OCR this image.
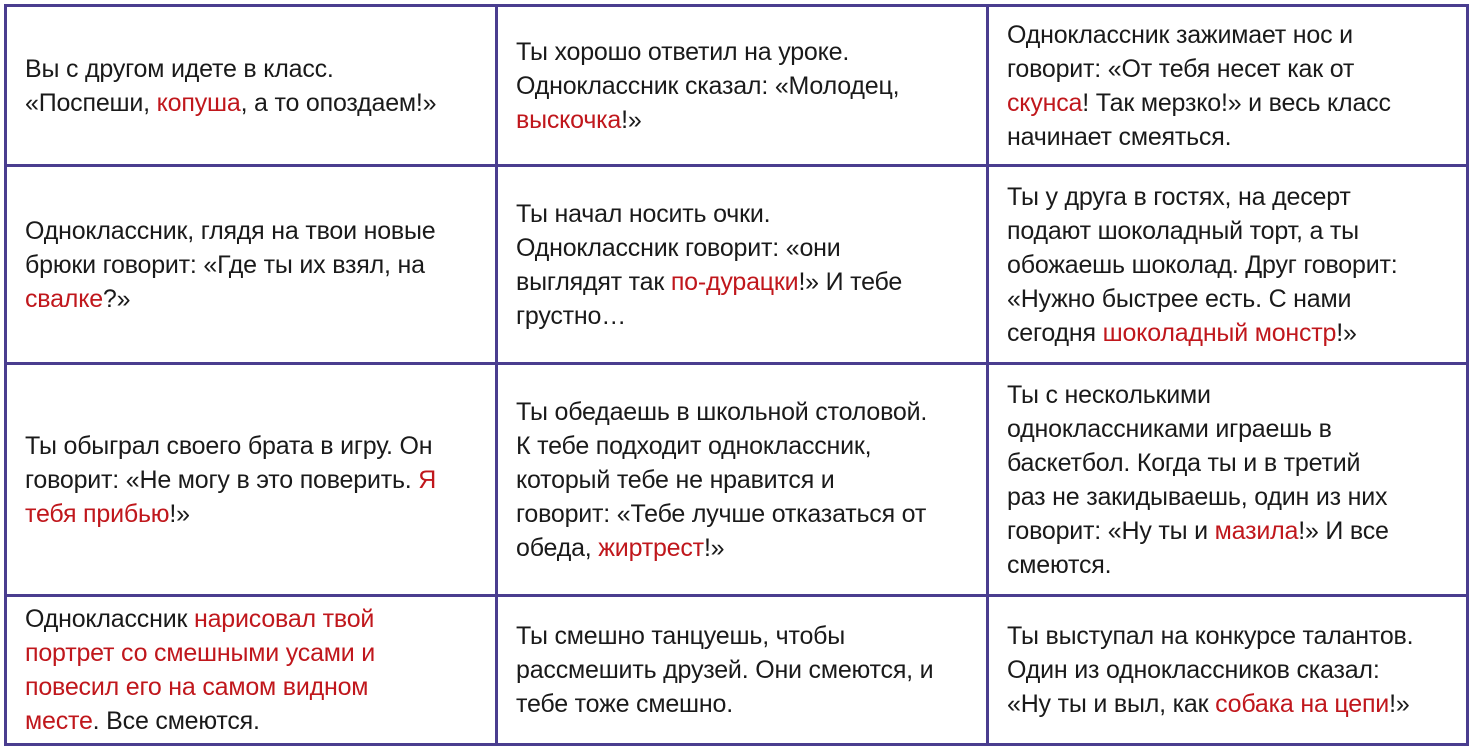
Вы с другом идете в класс.
«Поспеши, копуша, а то опоздаем!»
Ты хорошо ответил на уроке.
Одноклассник сказал: «Молодец,
выскочка!»
Одноклассник зажимает нос и
говорит: «От тебя несет как от
скунса! Так мерзко!» и весь класс
начинает смеяться.
Одноклассник, глядя на твои новые
брюки говорит: «Где ты их взял, на
свалке?»
Ты начал носить очки.
Одноклассник говорит: «они
выглядят так по-дурацки!» И тебе
грустно…
Ты у друга в гостях, на десерт
подают шоколадный торт, а ты
обожаешь шоколад. Друг говорит:
«Нужно быстрее есть. С нами
сегодня шоколадный монстр!»
Ты обыграл своего брата в игру. Он
говорит: «Не могу в это поверить. Я
тебя прибью!»
Ты обедаешь в школьной столовой.
К тебе подходит одноклассник,
который тебе не нравится и
говорит: «Тебе лучше отказаться от
обеда, жиртрест!»
Ты с несколькими
одноклассниками играешь в
баскетбол. Когда ты и в третий
раз не закидываешь, один из них
говорит: «Ну ты и мазила!» И все
смеются.
Одноклассник нарисовал твой
портрет со смешными усами и
повесил его на самом видном
месте. Все смеются.
Ты смешно танцуешь, чтобы
рассмешить друзей. Они смеются, и
тебе тоже смешно.
Ты выступал на конкурсе талантов.
Один из одноклассников сказал:
«Ну ты и выл, как собака на цепи!»
